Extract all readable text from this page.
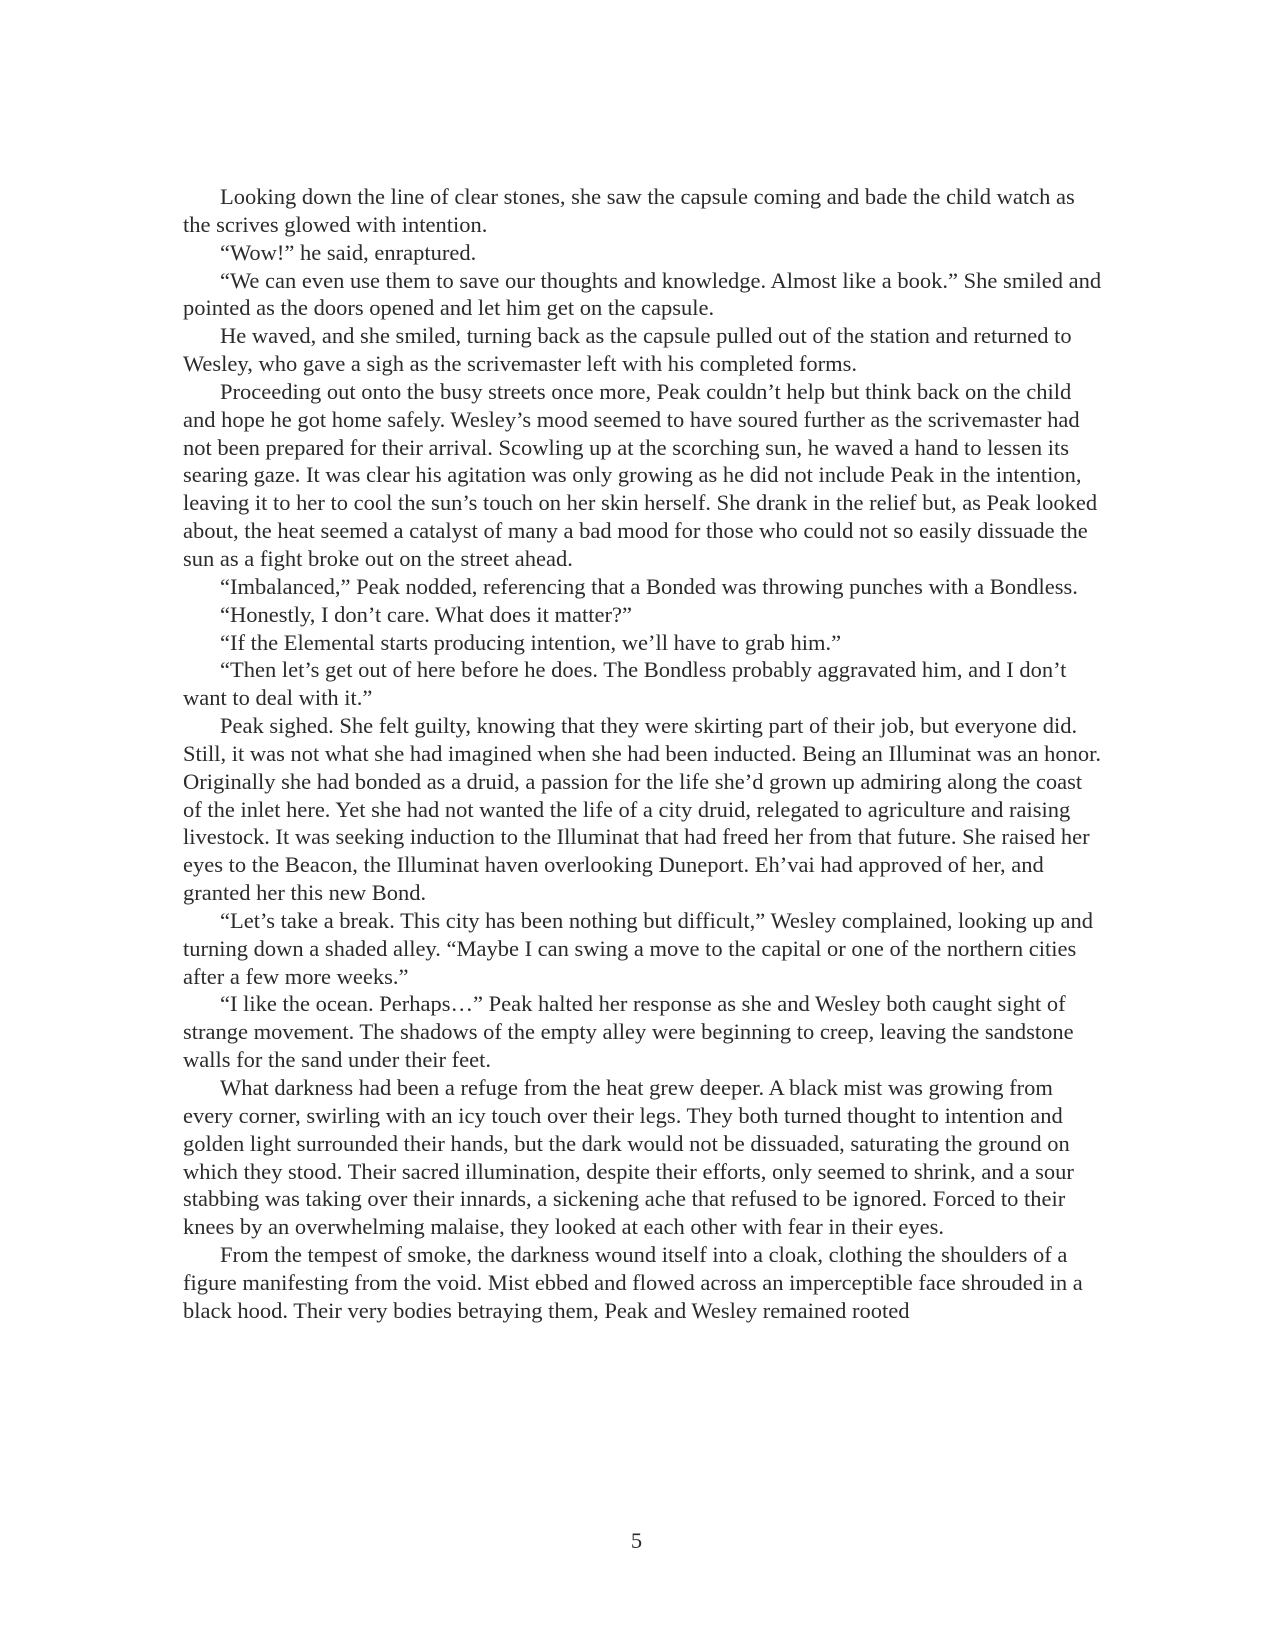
Looking down the line of clear stones, she saw the capsule coming and bade the child watch as the scrives glowed with intention.

“Wow!” he said, enraptured.

“We can even use them to save our thoughts and knowledge. Almost like a book.” She smiled and pointed as the doors opened and let him get on the capsule.

He waved, and she smiled, turning back as the capsule pulled out of the station and returned to Wesley, who gave a sigh as the scrivemaster left with his completed forms.

Proceeding out onto the busy streets once more, Peak couldn’t help but think back on the child and hope he got home safely. Wesley’s mood seemed to have soured further as the scrivemaster had not been prepared for their arrival. Scowling up at the scorching sun, he waved a hand to lessen its searing gaze. It was clear his agitation was only growing as he did not include Peak in the intention, leaving it to her to cool the sun’s touch on her skin herself. She drank in the relief but, as Peak looked about, the heat seemed a catalyst of many a bad mood for those who could not so easily dissuade the sun as a fight broke out on the street ahead.

“Imbalanced,” Peak nodded, referencing that a Bonded was throwing punches with a Bondless.

“Honestly, I don’t care. What does it matter?”

“If the Elemental starts producing intention, we’ll have to grab him.”

“Then let’s get out of here before he does. The Bondless probably aggravated him, and I don’t want to deal with it.”

Peak sighed. She felt guilty, knowing that they were skirting part of their job, but everyone did. Still, it was not what she had imagined when she had been inducted. Being an Illuminat was an honor. Originally she had bonded as a druid, a passion for the life she’d grown up admiring along the coast of the inlet here. Yet she had not wanted the life of a city druid, relegated to agriculture and raising livestock. It was seeking induction to the Illuminat that had freed her from that future. She raised her eyes to the Beacon, the Illuminat haven overlooking Duneport. Eh’vai had approved of her, and granted her this new Bond.

“Let’s take a break. This city has been nothing but difficult,” Wesley complained, looking up and turning down a shaded alley. “Maybe I can swing a move to the capital or one of the northern cities after a few more weeks.”

“I like the ocean. Perhaps…” Peak halted her response as she and Wesley both caught sight of strange movement. The shadows of the empty alley were beginning to creep, leaving the sandstone walls for the sand under their feet.

What darkness had been a refuge from the heat grew deeper. A black mist was growing from every corner, swirling with an icy touch over their legs. They both turned thought to intention and golden light surrounded their hands, but the dark would not be dissuaded, saturating the ground on which they stood. Their sacred illumination, despite their efforts, only seemed to shrink, and a sour stabbing was taking over their innards, a sickening ache that refused to be ignored. Forced to their knees by an overwhelming malaise, they looked at each other with fear in their eyes.

From the tempest of smoke, the darkness wound itself into a cloak, clothing the shoulders of a figure manifesting from the void. Mist ebbed and flowed across an imperceptible face shrouded in a black hood. Their very bodies betraying them, Peak and Wesley remained rooted

5
